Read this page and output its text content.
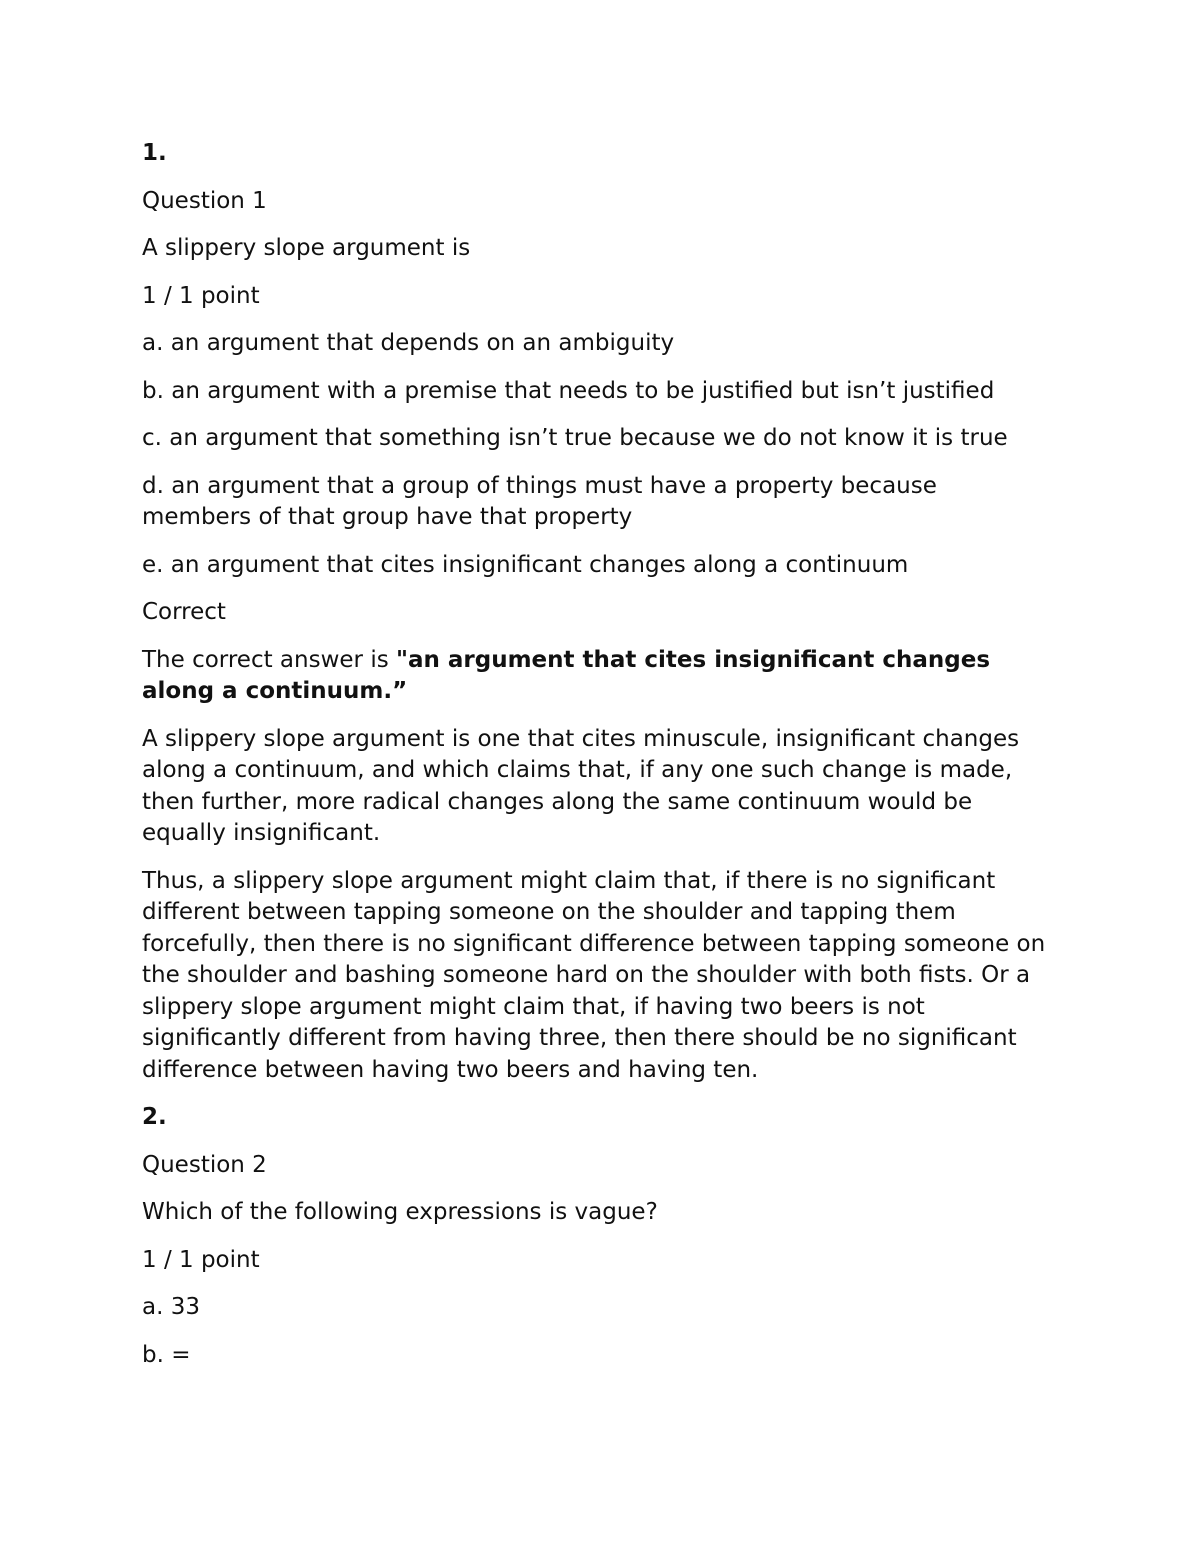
1.

Question 1

A slippery slope argument is

1 / 1 point

a. an argument that depends on an ambiguity

b. an argument with a premise that needs to be justified but isn’t justified

c. an argument that something isn’t true because we do not know it is true

d. an argument that a group of things must have a property because members of that group have that property

e. an argument that cites insignificant changes along a continuum

Correct

The correct answer is "an argument that cites insignificant changes along a continuum.”

A slippery slope argument is one that cites minuscule, insignificant changes along a continuum, and which claims that, if any one such change is made, then further, more radical changes along the same continuum would be equally insignificant.

Thus, a slippery slope argument might claim that, if there is no significant different between tapping someone on the shoulder and tapping them forcefully, then there is no significant difference between tapping someone on the shoulder and bashing someone hard on the shoulder with both fists. Or a slippery slope argument might claim that, if having two beers is not significantly different from having three, then there should be no significant difference between having two beers and having ten.

2.

Question 2

Which of the following expressions is vague?

1 / 1 point

a. 33

b. =
